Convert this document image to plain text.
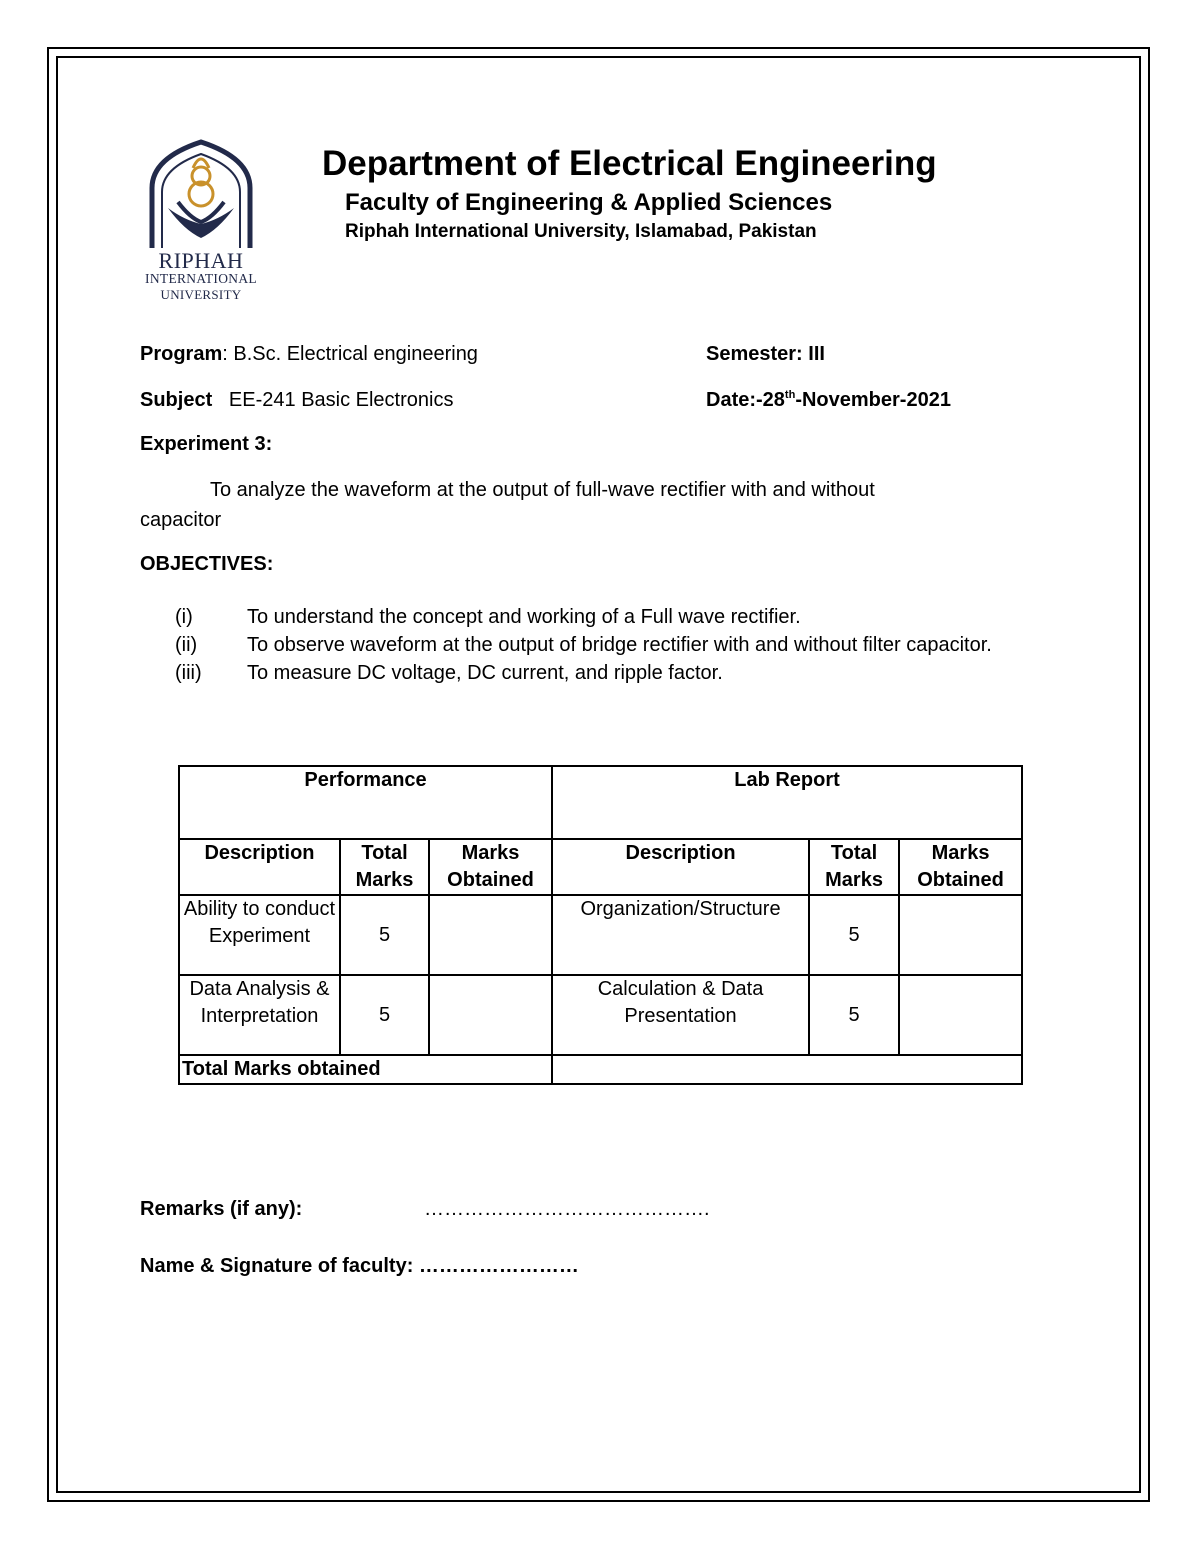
RIPHAH
INTERNATIONAL
UNIVERSITY
Department of Electrical Engineering
Faculty of Engineering & Applied Sciences
Riphah International University, Islamabad, Pakistan
Program: B.Sc. Electrical engineering	Semester: III
Subject EE-241 Basic Electronics	Date:-28th-November-2021
Experiment 3:
To analyze the waveform at the output of full-wave rectifier with and without
capacitor
OBJECTIVES:
(i)	To understand the concept and working of a Full wave rectifier.
(ii)	To observe waveform at the output of bridge rectifier with and without filter capacitor.
(iii)	To measure DC voltage, DC current, and ripple factor.
Performance			Lab Report		
Description	Total Marks	Marks Obtained	Description	Total Marks	Marks Obtained
Ability to conduct Experiment	5		Organization/Structure	5	
Data Analysis & Interpretation	5		Calculation & Data Presentation	5	
Total Marks obtained					
Remarks (if any):	…………………………………….
Name & Signature of faculty: ……………………
